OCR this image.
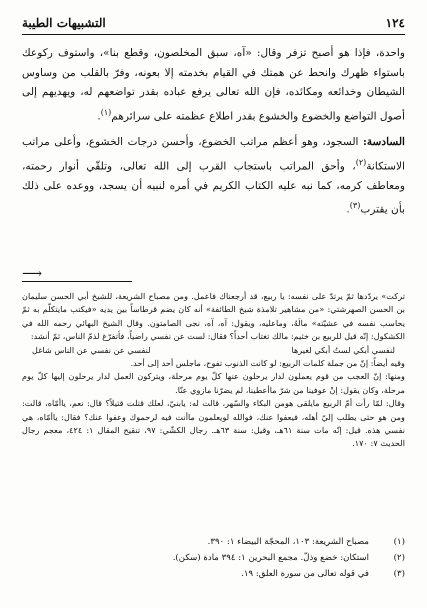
١٢٤
التشبيهات الطيبة

واحدة، فإذا هو أصبح تزفر وقال: «آه، سبق المخلصون، وقطع بنا»، واستوف ركوعك باستواء ظهرك وانحط عن همتك في القيام بخدمته إلا بعونه، وفرّ بالقلب من وساوس الشيطان وخدائعه ومكائده، فإن الله تعالى يرفع عباده بقدر تواضعهم له، ويهديهم إلى أصول التواضع والخضوع والخشوع بقدر اطلاع عظمته على سرائرهم$^{(١)}$.

السادسة: السجود، وهو أعظم مراتب الخضوع، وأحسن درجات الخشوع، وأعلى مراتب الاستكانة$^{(٢)}$، وأحق المراتب باستجاب القرب إلى الله تعالى، وتلقّي أنوار رحمته، ومعاطف كرمه، كما نبه عليه الكتاب الكريم في أمره لنبيه أن يسجد، ووعده على ذلك بأن يقترب$^{(٣)}$.

⟶

تركت» يردّدها ثمّ يرتدّ على نفسه: يا ربيع، قد أرجعناك فاعمل. ومن مصباح الشريعة، للشيخ أبي الحسن سليمان بن الحسن الصهرشتي: «من مشاهير تلامذة شيخ الطائفة» أنه كان يضم قرطاساً بين يديه «فيكتب مايتكلّم به ثمّ يحاسب نفسه في عشيّته» مالَهُ، وماعليه، ويقول: آه، آه، نجى الصامتون. وقال الشيخ البهائي رحمه الله في الكشكول: إنّه قيل للربيع بن خثيم: مالك تغتاب أحداً؟ فقال: لست عن نفسي راضياً، فأتفرّغ لذمّ الناس، ثمّ أنشد:

لنفسي أبكي لستُ أبكي لغيرها
لنفسي عن نفسي عن الناس شاغل

وقيه أيضاً: إنّ من جملة كلمات الربيع: لو كانت الذنوب تفوح، ماجلس أحد إلى أحد.

ومنها: إنّ العجب من قوم يعملون لدار يرحلون عنها كلّ يوم مرحلة، ويتركون العمل لدار يرحلون إليها كلّ يوم مرحلة، وكان يقول: إنْ عوفينا من شرّ ماأعطينا، لم يضرّنا مازوي عنّا.

وقال: لمّا رأت أمّ الربيع مايلقى هومن البكاء والسّهر، قالت له: يابنيّ، لعلك قتلت قتيلاً؟ قال: نعم، ياأمّاه، قالت: ومن هو حتى يطلب إليّ أهله، فيعفوا عنك، فوالله لويعلمون ماأنت فيه لرحموك وعفوا عنك؟ فقال: ياأمّاه، هي نفسي هذه. قيل: إنّه مات سنة ٦١هـ، وقيل: سنة ٦٣هـ. رجال الكشّي: ٩٧، تنقيح المقال ١: ٤٢٤، معجم رجال الحديث ٧: ١٧٠.

(١)
مصباح الشريعة: ١٠٣، المحجّة البيضاء ١: ٣٩٠.
(٢)
استكان: خضع وذلّ. مجمع البحرين ١: ٣٩٤ مادة (سكن).
(٣)
في قوله تعالى من سورة العلق: ١٩.
